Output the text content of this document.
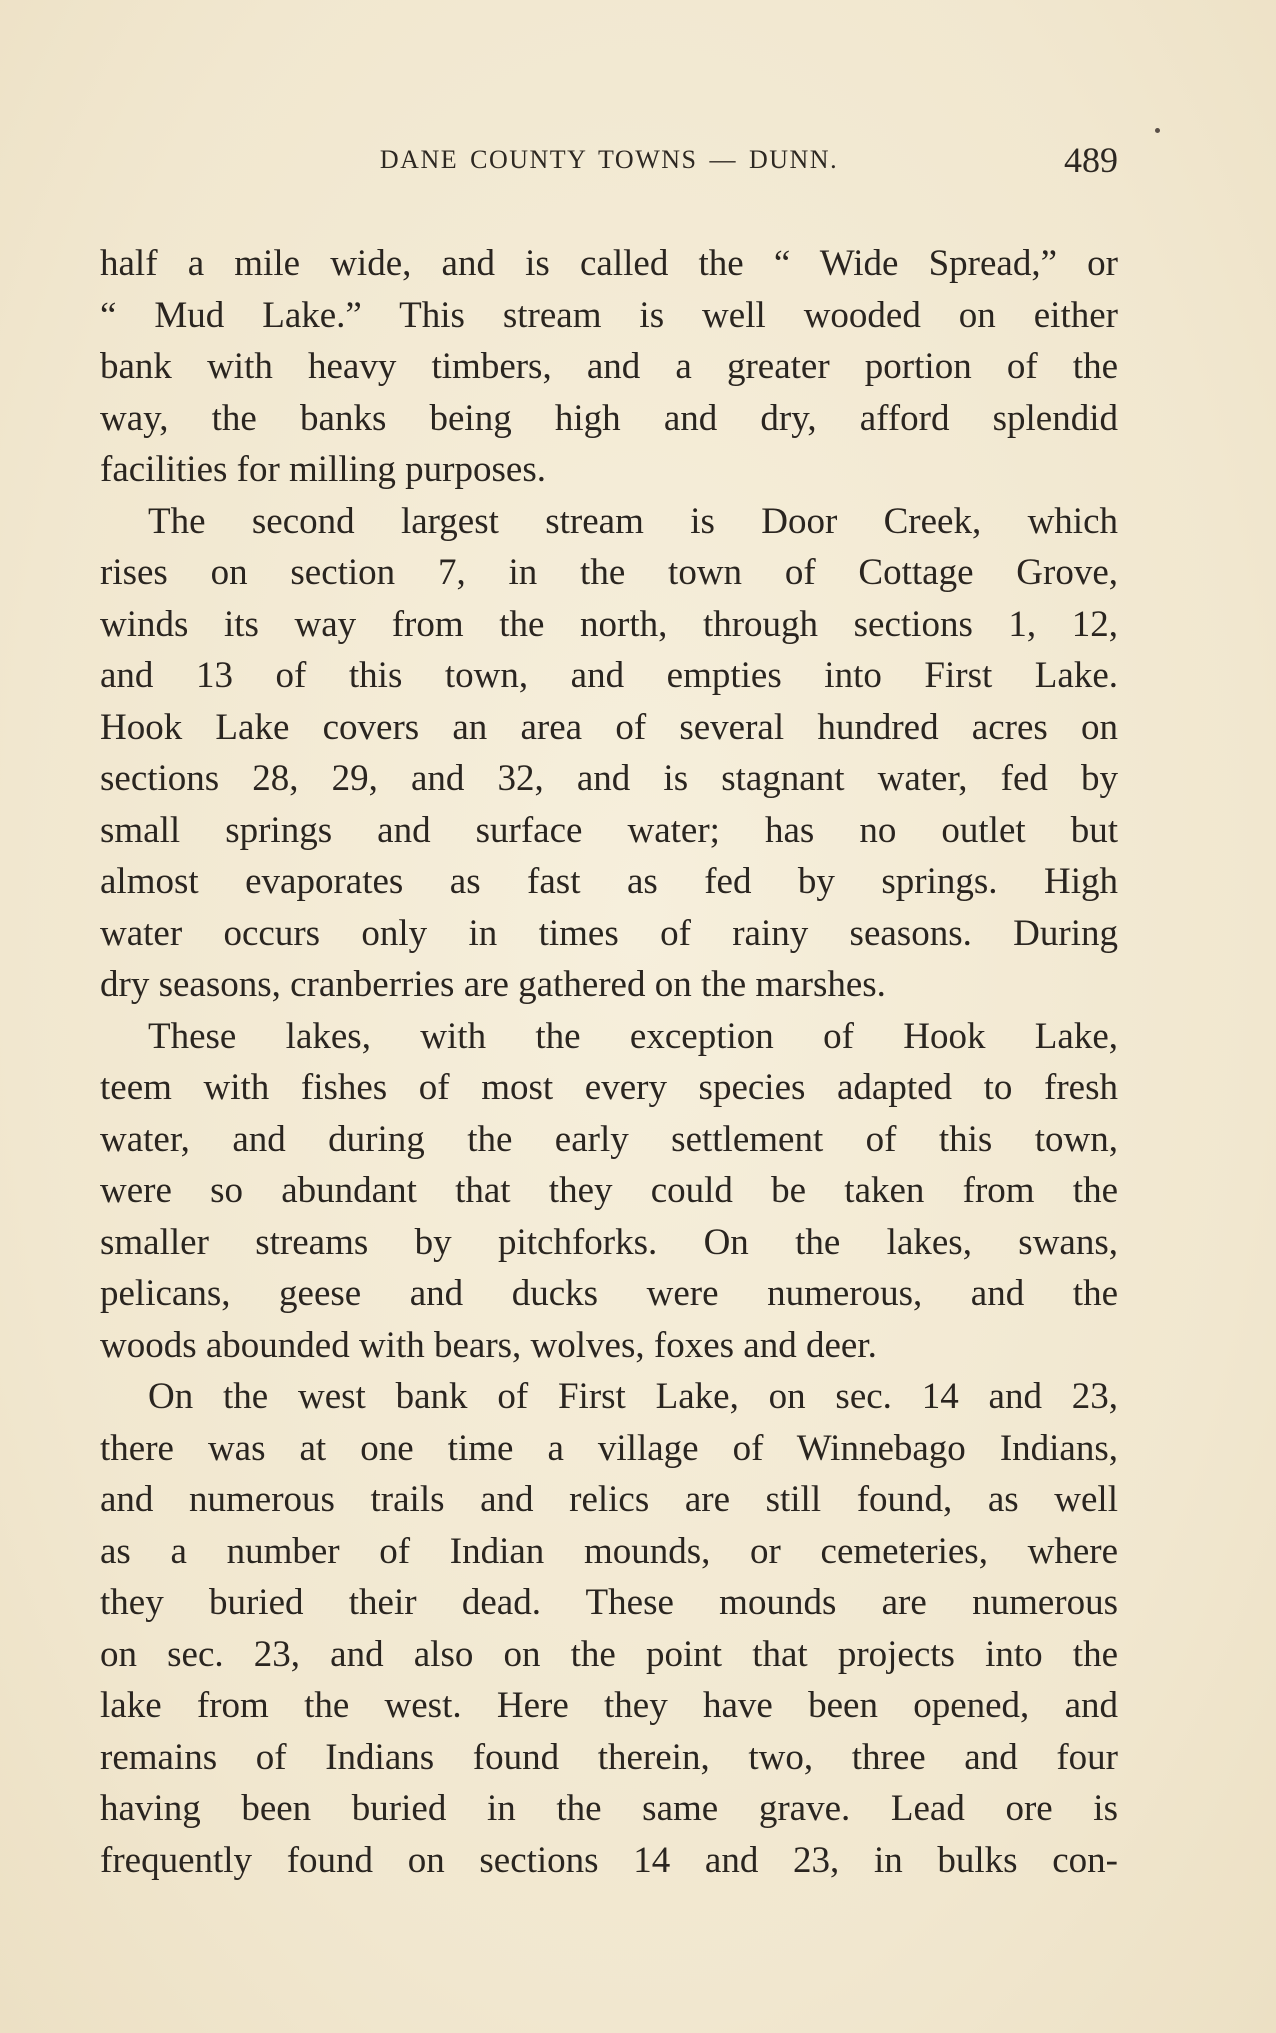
DANE COUNTY TOWNS — DUNN.	489
half a mile wide, and is called the “ Wide Spread,” or
“ Mud Lake.” This stream is well wooded on either
bank with heavy timbers, and a greater portion of the
way, the banks being high and dry, afford splendid
facilities for milling purposes.
The second largest stream is Door Creek, which
rises on section 7, in the town of Cottage Grove,
winds its way from the north, through sections 1, 12,
and 13 of this town, and empties into First Lake.
Hook Lake covers an area of several hundred acres on
sections 28, 29, and 32, and is stagnant water, fed by
small springs and surface water; has no outlet but
almost evaporates as fast as fed by springs. High
water occurs only in times of rainy seasons. During
dry seasons, cranberries are gathered on the marshes.
These lakes, with the exception of Hook Lake,
teem with fishes of most every species adapted to fresh
water, and during the early settlement of this town,
were so abundant that they could be taken from the
smaller streams by pitchforks. On the lakes, swans,
pelicans, geese and ducks were numerous, and the
woods abounded with bears, wolves, foxes and deer.
On the west bank of First Lake, on sec. 14 and 23,
there was at one time a village of Winnebago Indians,
and numerous trails and relics are still found, as well
as a number of Indian mounds, or cemeteries, where
they buried their dead. These mounds are numerous
on sec. 23, and also on the point that projects into the
lake from the west. Here they have been opened, and
remains of Indians found therein, two, three and four
having been buried in the same grave. Lead ore is
frequently found on sections 14 and 23, in bulks con-
